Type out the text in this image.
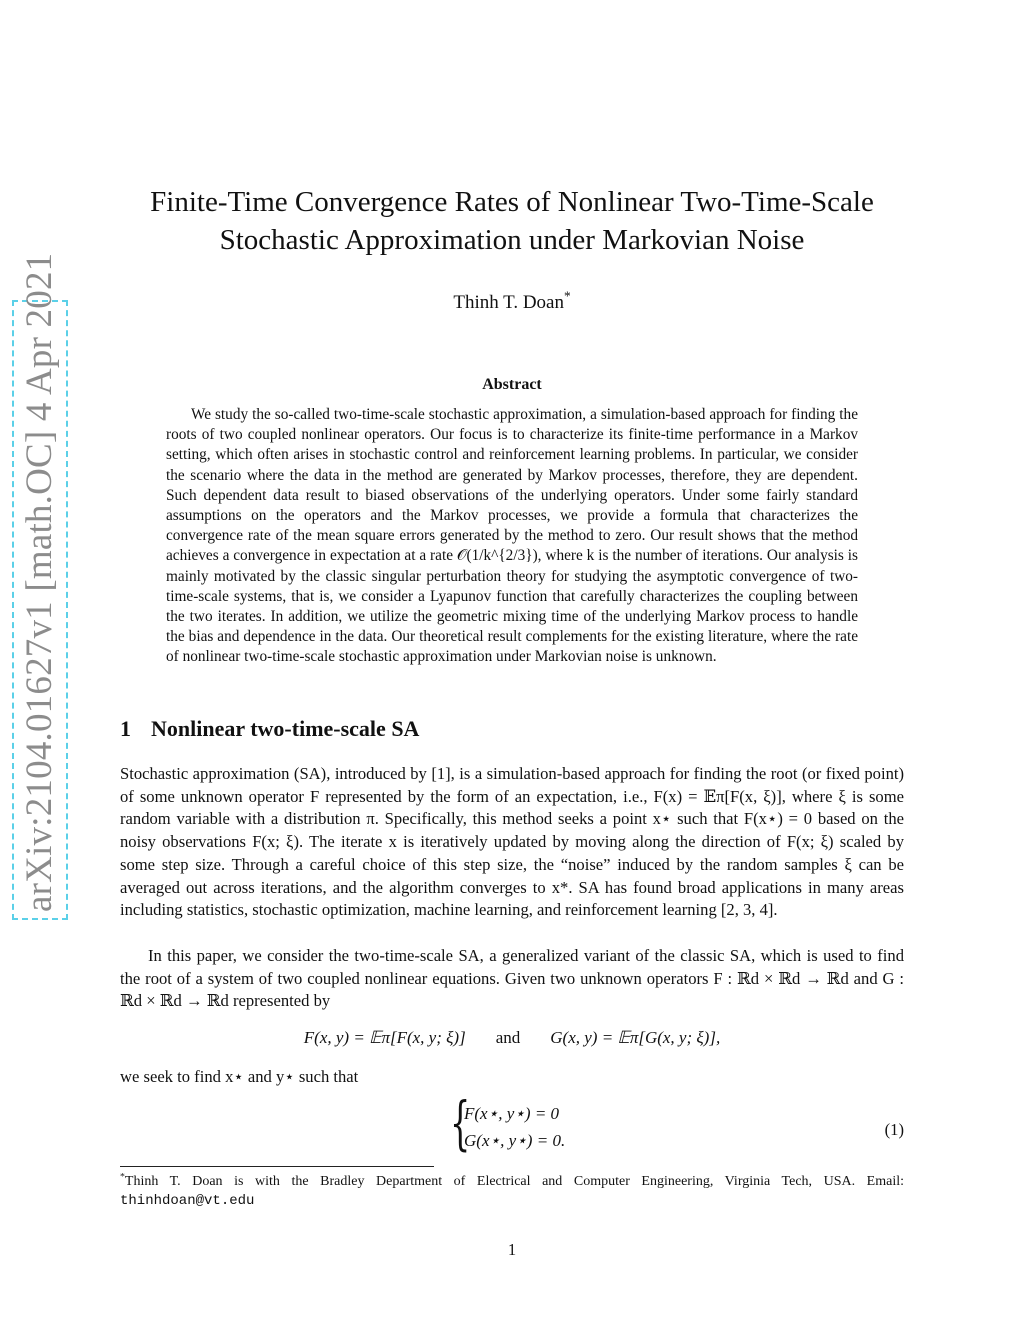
arXiv:2104.01627v1 [math.OC] 4 Apr 2021
Finite-Time Convergence Rates of Nonlinear Two-Time-Scale Stochastic Approximation under Markovian Noise
Thinh T. Doan*
Abstract
We study the so-called two-time-scale stochastic approximation, a simulation-based approach for finding the roots of two coupled nonlinear operators. Our focus is to characterize its finite-time performance in a Markov setting, which often arises in stochastic control and reinforcement learning problems. In particular, we consider the scenario where the data in the method are generated by Markov processes, therefore, they are dependent. Such dependent data result to biased observations of the underlying operators. Under some fairly standard assumptions on the operators and the Markov processes, we provide a formula that characterizes the convergence rate of the mean square errors generated by the method to zero. Our result shows that the method achieves a convergence in expectation at a rate 𝒪(1/k^{2/3}), where k is the number of iterations. Our analysis is mainly motivated by the classic singular perturbation theory for studying the asymptotic convergence of two-time-scale systems, that is, we consider a Lyapunov function that carefully characterizes the coupling between the two iterates. In addition, we utilize the geometric mixing time of the underlying Markov process to handle the bias and dependence in the data. Our theoretical result complements for the existing literature, where the rate of nonlinear two-time-scale stochastic approximation under Markovian noise is unknown.
1 Nonlinear two-time-scale SA
Stochastic approximation (SA), introduced by [1], is a simulation-based approach for finding the root (or fixed point) of some unknown operator F represented by the form of an expectation, i.e., F(x) = 𝔼π[F(x, ξ)], where ξ is some random variable with a distribution π. Specifically, this method seeks a point x⋆ such that F(x⋆) = 0 based on the noisy observations F(x; ξ). The iterate x is iteratively updated by moving along the direction of F(x; ξ) scaled by some step size. Through a careful choice of this step size, the “noise” induced by the random samples ξ can be averaged out across iterations, and the algorithm converges to x*. SA has found broad applications in many areas including statistics, stochastic optimization, machine learning, and reinforcement learning [2, 3, 4].
In this paper, we consider the two-time-scale SA, a generalized variant of the classic SA, which is used to find the root of a system of two coupled nonlinear equations. Given two unknown operators F : ℝd × ℝd → ℝd and G : ℝd × ℝd → ℝd represented by
F(x, y) = 𝔼π[F(x, y; ξ)] and G(x, y) = 𝔼π[G(x, y; ξ)],
we seek to find x⋆ and y⋆ such that
{
F(x⋆, y⋆) = 0
G(x⋆, y⋆) = 0.
(1)
*Thinh T. Doan is with the Bradley Department of Electrical and Computer Engineering, Virginia Tech, USA. Email: thinhdoan@vt.edu
1
